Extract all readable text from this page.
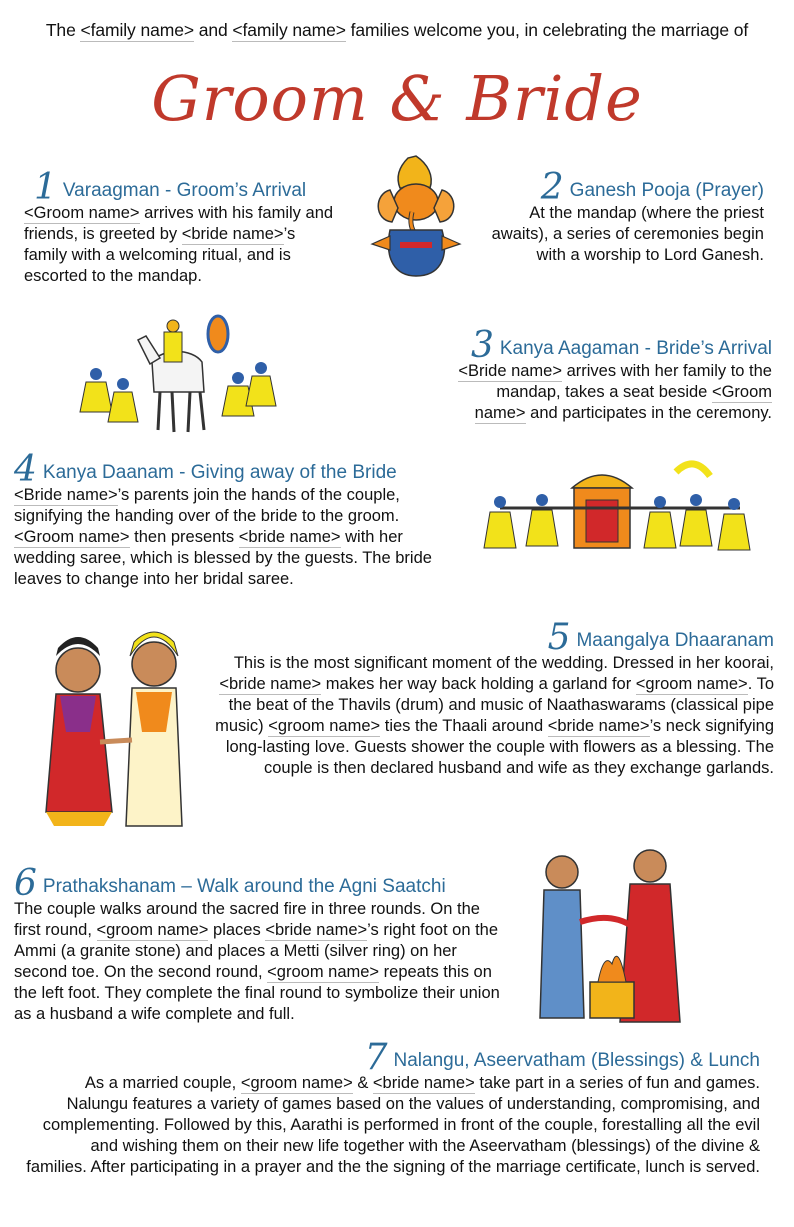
The <family name> and <family name> families welcome you, in celebrating the marriage of
Groom & Bride
1 Varaagman - Groom’s Arrival
<Groom name> arrives with his family and friends, is greeted by <bride name>’s family with a welcoming ritual, and is escorted to the mandap.
2 Ganesh Pooja (Prayer)
At the mandap (where the priest awaits), a series of ceremonies begin with a worship to Lord Ganesh.
3 Kanya Aagaman - Bride’s Arrival
<Bride name> arrives with her family to the mandap, takes a seat beside <Groom name> and participates in the ceremony.
4 Kanya Daanam - Giving away of the Bride
<Bride name>’s parents join the hands of the couple, signifying the handing over of the bride to the groom. <Groom name> then presents <bride name> with her wedding saree, which is blessed by the guests. The bride leaves to change into her bridal saree.
5 Maangalya Dhaaranam
This is the most significant moment of the wedding. Dressed in her koorai, <bride name> makes her way back holding a garland for <groom name>. To the beat of the Thavils (drum) and music of Naathaswarams (classical pipe music) <groom name> ties the Thaali around <bride name>’s neck signifying long-lasting love. Guests shower the couple with flowers as a blessing. The couple is then declared husband and wife as they exchange garlands.
6 Prathakshanam – Walk around the Agni Saatchi
The couple walks around the sacred fire in three rounds. On the first round, <groom name> places <bride name>’s right foot on the Ammi (a granite stone) and places a Metti (silver ring) on her second toe. On the second round, <groom name> repeats this on the left foot. They complete the final round to symbolize their union as a husband a wife complete and full.
7 Nalangu, Aseervatham (Blessings) & Lunch
As a married couple, <groom name> & <bride name> take part in a series of fun and games. Nalungu features a variety of games based on the values of understanding, compromising, and complementing. Followed by this, Aarathi is performed in front of the couple, forestalling all the evil and wishing them on their new life together with the Aseervatham (blessings) of the divine & families. After participating in a prayer and the the signing of the marriage certificate, lunch is served.
